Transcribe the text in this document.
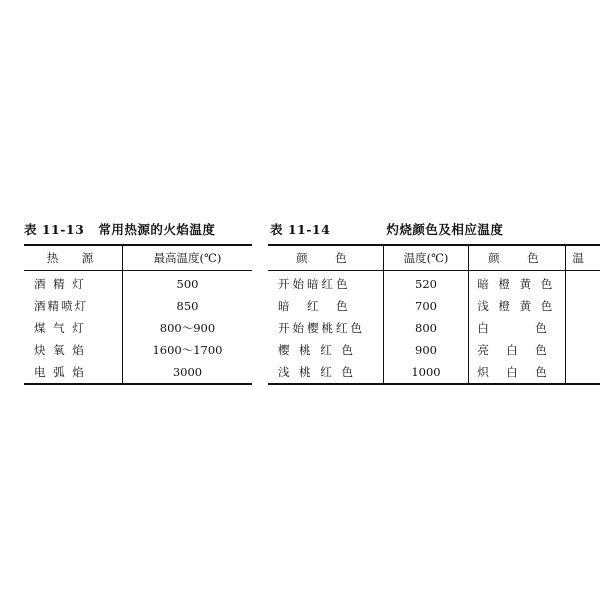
表 11-13 常用热源的火焰温度
热　源	最高温度(℃)
酒 精 灯	500
酒精喷灯	850
煤 气 灯	800～900
炔 氧 焰	1600～1700
电 弧 焰	3000
表 11-14	灼烧颜色及相应温度
颜　色	温度(℃)	颜　色	温
开始暗红色	520	暗 橙 黄 色	
暗　红　色	700	浅 橙 黄 色	
开始樱桃红色	800	白　　　色	
樱 桃 红 色	900	亮　白　色	
浅 桃 红 色	1000	炽　白　色	
